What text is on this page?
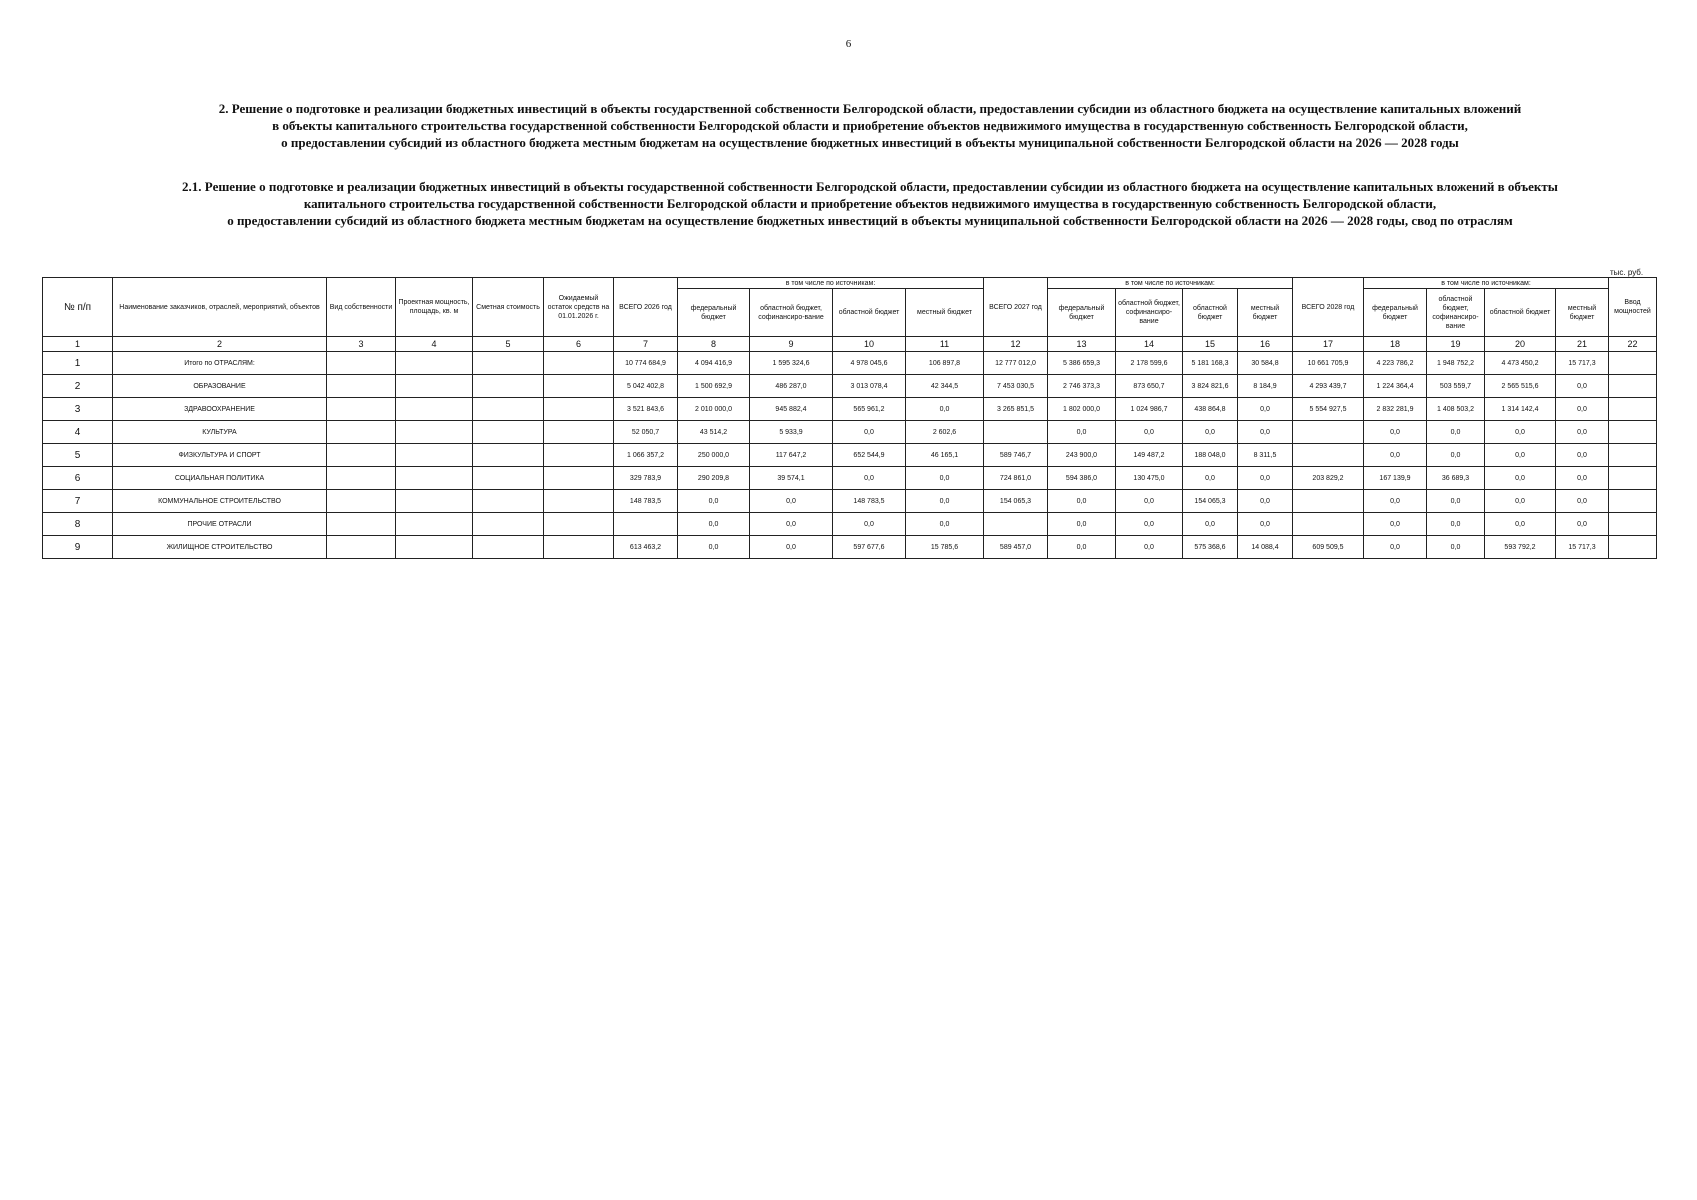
6
2. Решение о подготовке и реализации бюджетных инвестиций в объекты государственной собственности Белгородской области, предоставлении субсидии из областного бюджета на осуществление капитальных вложений
в объекты капитального строительства государственной собственности Белгородской области и приобретение объектов недвижимого имущества в государственную собственность Белгородской области,
о предоставлении субсидий из областного бюджета местным бюджетам на осуществление бюджетных инвестиций в объекты муниципальной собственности Белгородской области на 2026 — 2028 годы
2.1. Решение о подготовке и реализации бюджетных инвестиций в объекты государственной собственности Белгородской области, предоставлении субсидии из областного бюджета на осуществление капитальных вложений в объекты
капитального строительства государственной собственности Белгородской области и приобретение объектов недвижимого имущества в государственную собственность Белгородской области,
о предоставлении субсидий из областного бюджета местным бюджетам на осуществление бюджетных инвестиций в объекты муниципальной собственности Белгородской области на 2026 — 2028 годы, свод по отраслям
тыс. руб.
№ п/п	Наименование заказчиков, отраслей, мероприятий, объектов	Вид собственности	Проектная мощность, площадь, кв. м	Сметная стоимость	Ожидаемый остаток средств на 01.01.2026 г.	ВСЕГО 2026 год	в том числе по источникам:				ВСЕГО 2027 год	в том числе по источникам:				ВСЕГО 2028 год	в том числе по источникам:				Ввод мощностей
							федеральный бюджет	областной бюджет, софинансиро-вание	областной бюджет	местный бюджет		федеральный бюджет	областной бюджет, софинансиро-вание	областной бюджет	местный бюджет		федеральный бюджет	областной бюджет, софинансиро-вание	областной бюджет	местный бюджет	
1	2	3	4	5	6	7	8	9	10	11	12	13	14	15	16	17	18	19	20	21	22
1	Итого по ОТРАСЛЯМ:					10 774 684,9	4 094 416,9	1 595 324,6	4 978 045,6	106 897,8	12 777 012,0	5 386 659,3	2 178 599,6	5 181 168,3	30 584,8	10 661 705,9	4 223 786,2	1 948 752,2	4 473 450,2	15 717,3	
2	ОБРАЗОВАНИЕ					5 042 402,8	1 500 692,9	486 287,0	3 013 078,4	42 344,5	7 453 030,5	2 746 373,3	873 650,7	3 824 821,6	8 184,9	4 293 439,7	1 224 364,4	503 559,7	2 565 515,6	0,0	
3	ЗДРАВООХРАНЕНИЕ					3 521 843,6	2 010 000,0	945 882,4	565 961,2	0,0	3 265 851,5	1 802 000,0	1 024 986,7	438 864,8	0,0	5 554 927,5	2 832 281,9	1 408 503,2	1 314 142,4	0,0	
4	КУЛЬТУРА					52 050,7	43 514,2	5 933,9	0,0	2 602,6		0,0	0,0	0,0	0,0		0,0	0,0	0,0	0,0	
5	ФИЗКУЛЬТУРА И СПОРТ					1 066 357,2	250 000,0	117 647,2	652 544,9	46 165,1	589 746,7	243 900,0	149 487,2	188 048,0	8 311,5		0,0	0,0	0,0	0,0	
6	СОЦИАЛЬНАЯ ПОЛИТИКА					329 783,9	290 209,8	39 574,1	0,0	0,0	724 861,0	594 386,0	130 475,0	0,0	0,0	203 829,2	167 139,9	36 689,3	0,0	0,0	
7	КОММУНАЛЬНОЕ СТРОИТЕЛЬСТВО					148 783,5	0,0	0,0	148 783,5	0,0	154 065,3	0,0	0,0	154 065,3	0,0		0,0	0,0	0,0	0,0	
8	ПРОЧИЕ ОТРАСЛИ						0,0	0,0	0,0	0,0		0,0	0,0	0,0	0,0		0,0	0,0	0,0	0,0	
9	ЖИЛИЩНОЕ СТРОИТЕЛЬСТВО					613 463,2	0,0	0,0	597 677,6	15 785,6	589 457,0	0,0	0,0	575 368,6	14 088,4	609 509,5	0,0	0,0	593 792,2	15 717,3	
